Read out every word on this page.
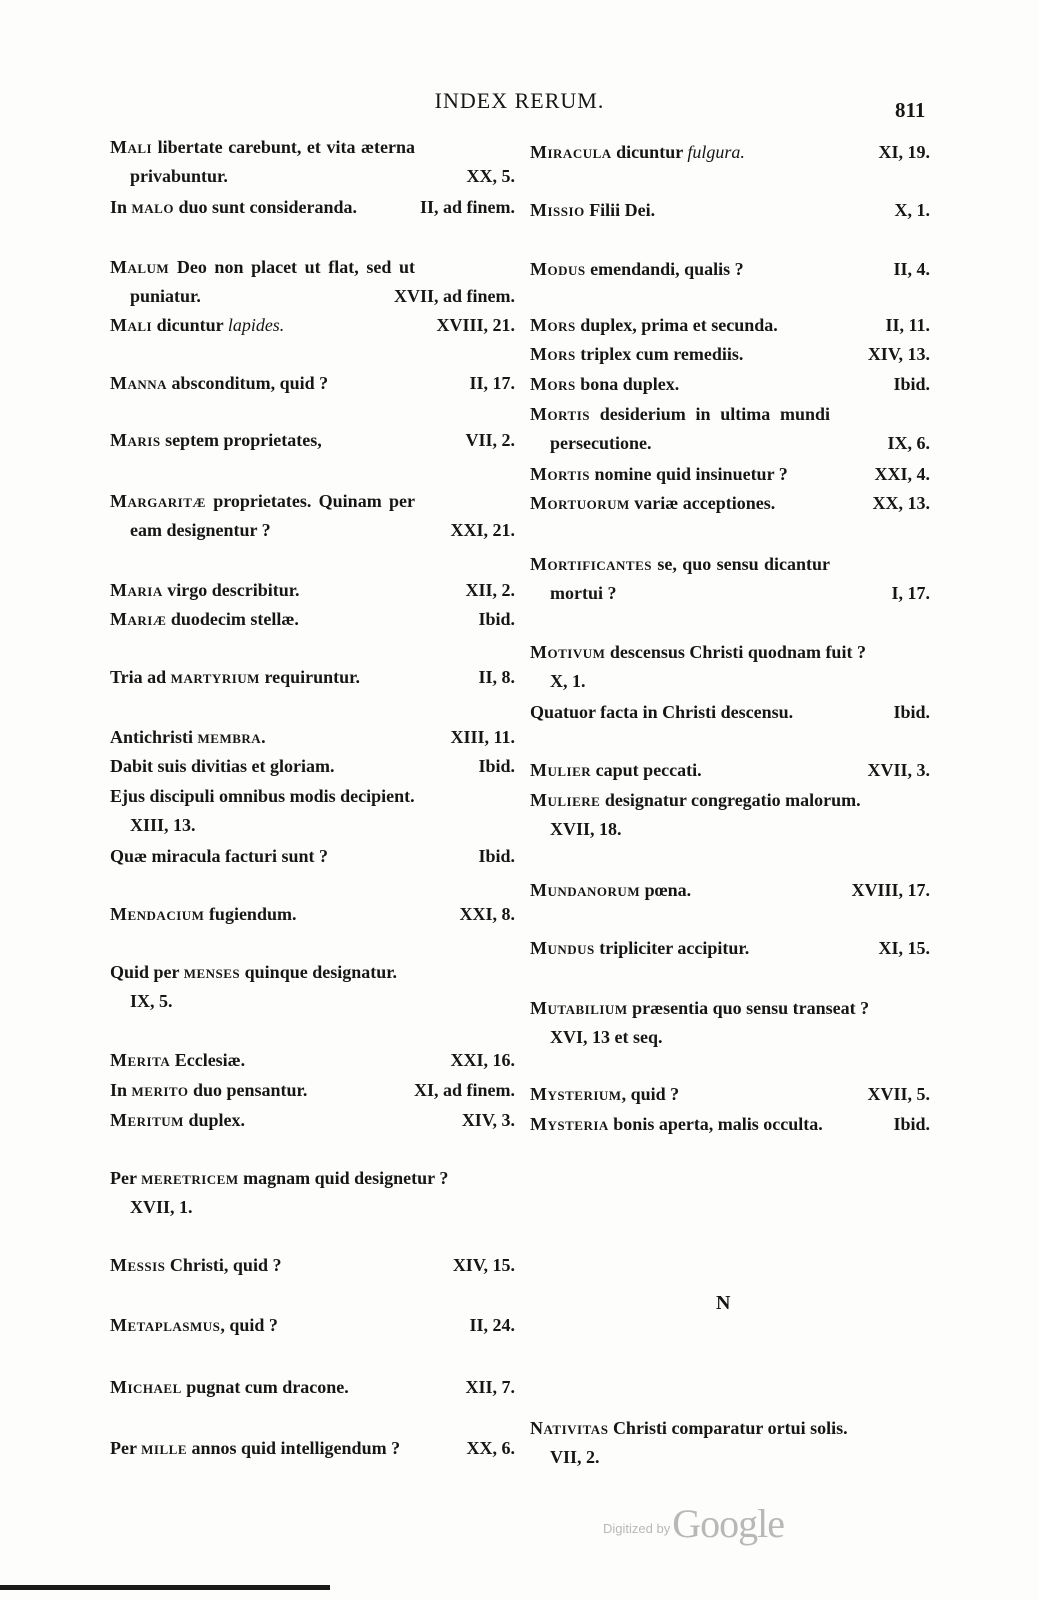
INDEX RERUM.	811
Mali libertate carebunt, et vita æterna privabuntur.	XX, 5.
In malo duo sunt consideranda.	II, ad finem.
Malum Deo non placet ut flat, sed ut puniatur.	XVII, ad finem.
Mali dicuntur lapides.	XVIII, 21.
Manna absconditum, quid ?	II, 17.
Maris septem proprietates,	VII, 2.
Margaritæ proprietates. Quinam per eam designentur ?	XXI, 21.
Maria virgo describitur.	XII, 2.
Mariæ duodecim stellæ.	Ibid.
Tria ad martyrium requiruntur.	II, 8.
Antichristi membra.	XIII, 11.
Dabit suis divitias et gloriam.	Ibid.
Ejus discipuli omnibus modis decipient.
XIII, 13.
Quæ miracula facturi sunt ?	Ibid.
Mendacium fugiendum.	XXI, 8.
Quid per menses quinque designatur.
IX, 5.
Merita Ecclesiæ.	XXI, 16.
In merito duo pensantur.	XI, ad finem.
Meritum duplex.	XIV, 3.
Per meretricem magnam quid designetur ?
XVII, 1.
Messis Christi, quid ?	XIV, 15.
Metaplasmus, quid ?	II, 24.
Michael pugnat cum dracone.	XII, 7.
Per mille annos quid intelligendum ?	XX, 6.
Miracula dicuntur fulgura.	XI, 19.
Missio Filii Dei.	X, 1.
Modus emendandi, qualis ?	II, 4.
Mors duplex, prima et secunda.	II, 11.
Mors triplex cum remediis.	XIV, 13.
Mors bona duplex.	Ibid.
Mortis desiderium in ultima mundi persecutione.	IX, 6.
Mortis nomine quid insinuetur ?	XXI, 4.
Mortuorum variæ acceptiones.	XX, 13.
Mortificantes se, quo sensu dicantur mortui ?	I, 17.
Motivum descensus Christi quodnam fuit ?
X, 1.
Quatuor facta in Christi descensu.	Ibid.
Mulier caput peccati.	XVII, 3.
Muliere designatur congregatio malorum.
XVII, 18.
Mundanorum pœna.	XVIII, 17.
Mundus tripliciter accipitur.	XI, 15.
Mutabilium præsentia quo sensu transeat ?
XVI, 13 et seq.
Mysterium, quid ?	XVII, 5.
Mysteria bonis aperta, malis occulta.	Ibid.
Nativitas Christi comparatur ortui solis.
VII, 2.
N
$^{Digitized by}$Google
